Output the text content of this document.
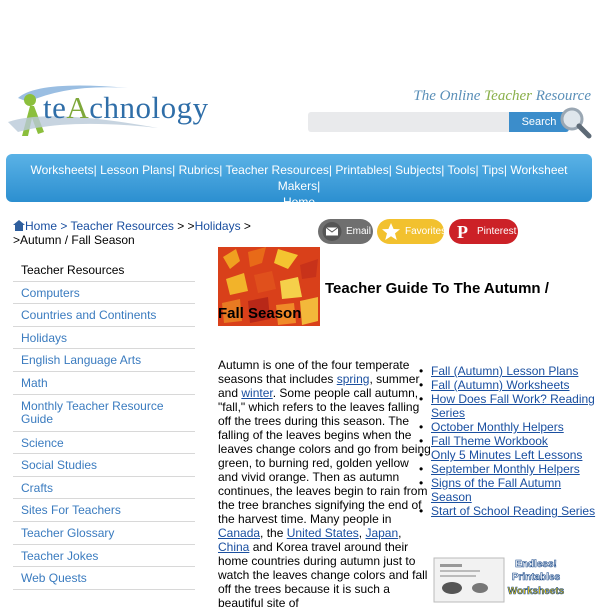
teAchnology	The Online Teacher Resource
Search
Worksheets| Lesson Plans| Rubrics| Teacher Resources| Printables| Subjects| Tools| Tips| Worksheet Makers|
Home
Home > Teacher Resources > >Holidays >
>Autumn / Fall Season
Email	Favorites P Pinterest
Teacher Resources
Computers
Countries and Continents
Holidays
English Language Arts
Math
Monthly Teacher Resource Guide
Science
Social Studies
Crafts
Sites For Teachers
Teacher Glossary
Teacher Jokes
Web Quests
Teacher Guide To The Autumn /
Fall Season
Autumn is one of the four temperate seasons that includes spring, summer and winter. Some people call autumn, "fall," which refers to the leaves falling off the trees during this season. The falling of the leaves begins when the leaves change colors and go from being green, to burning red, golden yellow and vivid orange. Then as autumn continues, the leaves begin to rain from the tree branches signifying the end of the harvest time. Many people in Canada, the United States, Japan, China and Korea travel around their home countries during autumn just to watch the leaves change colors and fall off the trees because it is such a beautiful site of
• Fall (Autumn) Lesson Plans
• Fall (Autumn) Worksheets
• How Does Fall Work? Reading Series
• October Monthly Helpers
• Fall Theme Workbook
• Only 5 Minutes Left Lessons
• September Monthly Helpers
• Signs of the Fall Autumn Season
• Start of School Reading Series
Endless!
Printables
Worksheets
